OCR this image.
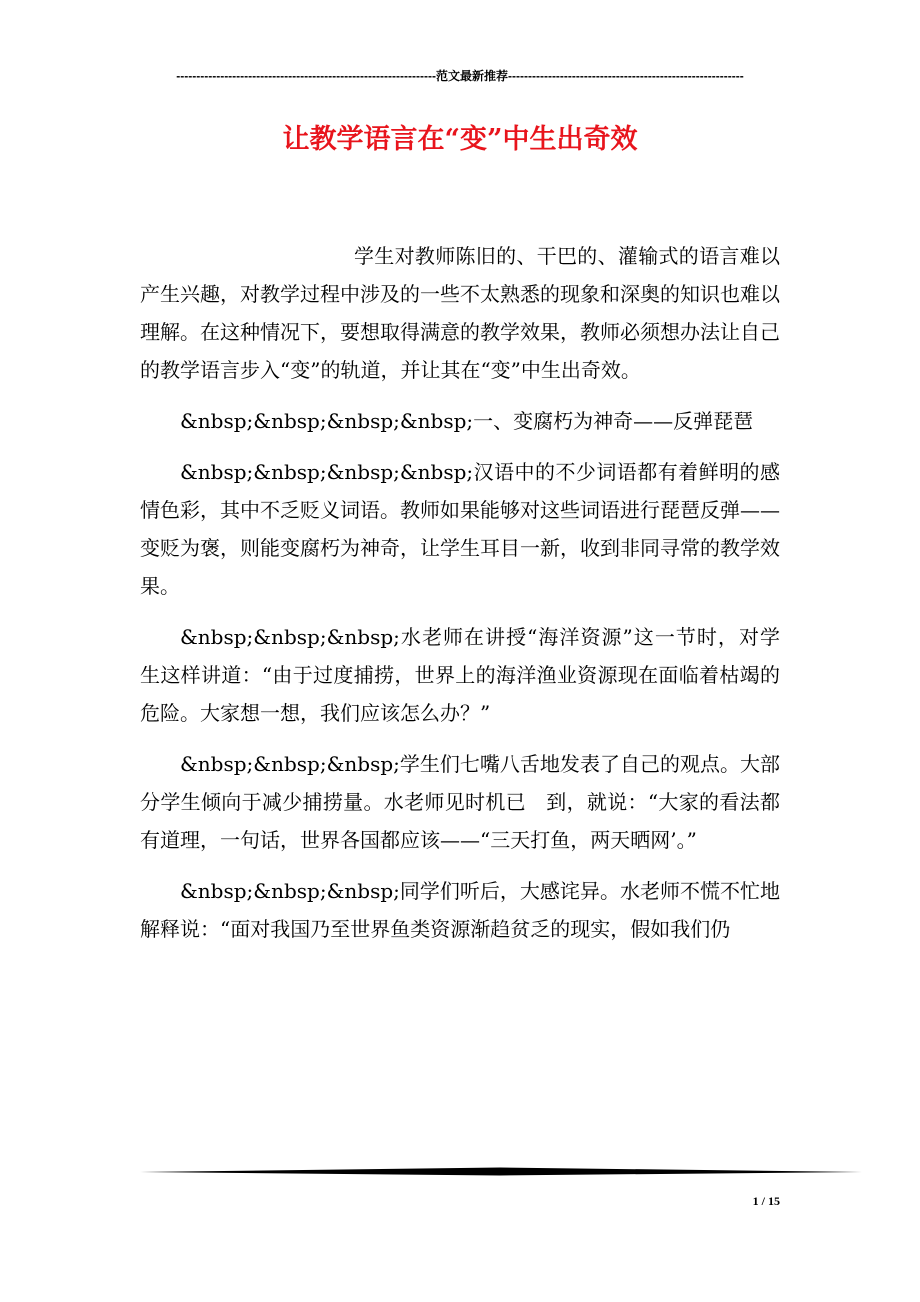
-----------------------------------------------------------------范文最新推荐-----------------------------------------------------------
让教学语言在“变”中生出奇效

学生对教师陈旧的、干巴的、灌输式的语言难以产生兴趣，对教学过程中涉及的一些不太熟悉的现象和深奥的知识也难以理解。在这种情况下，要想取得满意的教学效果，教师必须想办法让自己的教学语言步入“变”的轨道，并让其在“变”中生出奇效。

&nbsp;&nbsp;&nbsp;&nbsp;一、变腐朽为神奇——反弹琵琶

&nbsp;&nbsp;&nbsp;&nbsp;汉语中的不少词语都有着鲜明的感情色彩，其中不乏贬义词语。教师如果能够对这些词语进行琵琶反弹——变贬为褒，则能变腐朽为神奇，让学生耳目一新，收到非同寻常的教学效果。

&nbsp;&nbsp;&nbsp;水老师在讲授“海洋资源”这一节时，对学生这样讲道：“由于过度捕捞，世界上的海洋渔业资源现在面临着枯竭的危险。大家想一想，我们应该怎么办？”

&nbsp;&nbsp;&nbsp;学生们七嘴八舌地发表了自己的观点。大部分学生倾向于减少捕捞量。水老师见时机已　到，就说：“大家的看法都有道理，一句话，世界各国都应该——“三天打鱼，两天晒网’。”

&nbsp;&nbsp;&nbsp;同学们听后，大感诧异。水老师不慌不忙地解释说：“面对我国乃至世界鱼类资源渐趋贫乏的现实，假如我们仍

1 / 15
